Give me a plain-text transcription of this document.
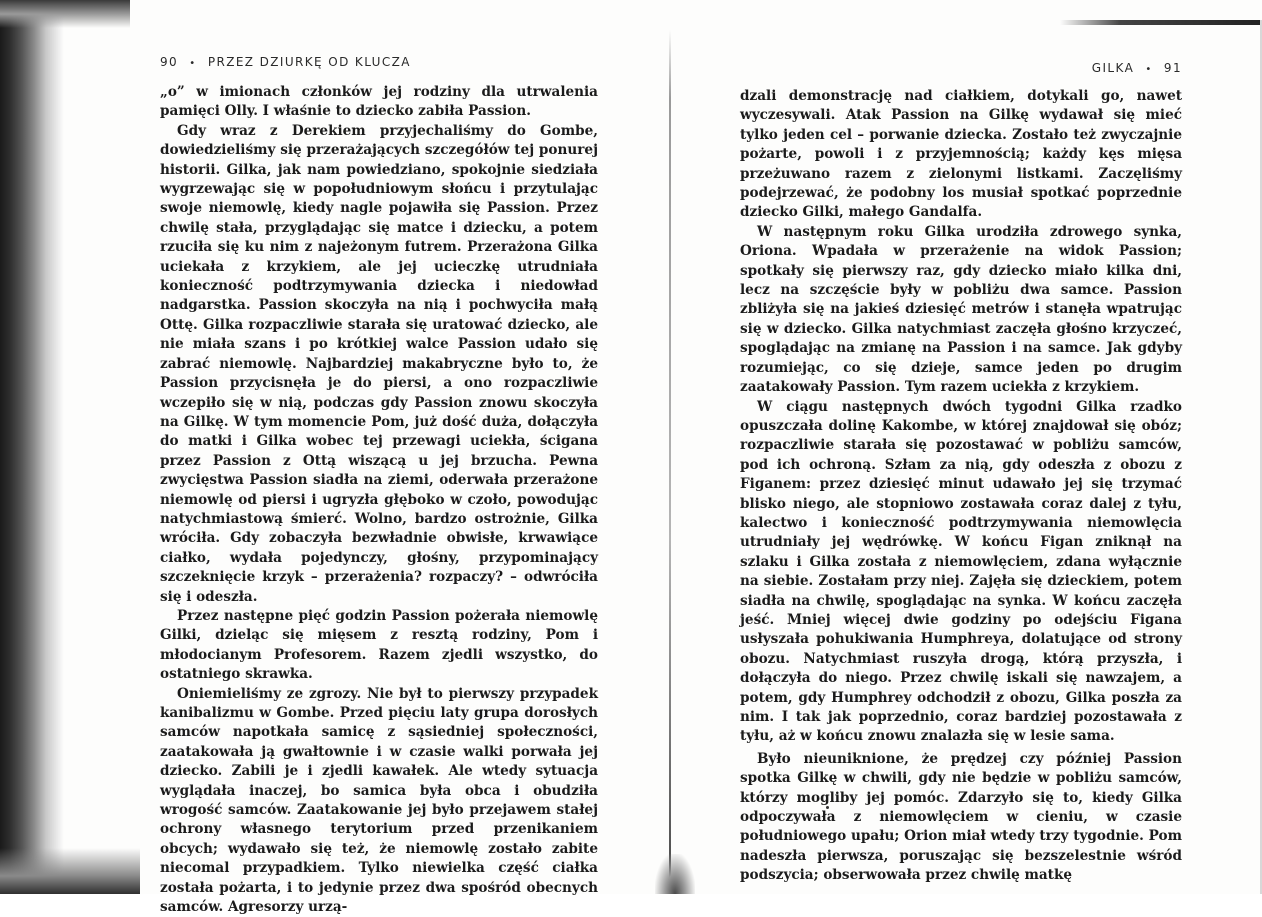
90 • PRZEZ DZIURKĘ OD KLUCZA

„o” w imionach członków jej rodziny dla utrwalenia pamięci Olly. I właśnie to dziecko zabiła Passion.

Gdy wraz z Derekiem przyjechaliśmy do Gombe, dowiedzieliśmy się przerażających szczegółów tej ponurej historii. Gilka, jak nam powiedziano, spokojnie siedziała wygrzewając się w popołudniowym słońcu i przytulając swoje niemowlę, kiedy nagle pojawiła się Passion. Przez chwilę stała, przyglądając się matce i dziecku, a potem rzuciła się ku nim z najeżonym futrem. Przerażona Gilka uciekała z krzykiem, ale jej ucieczkę utrudniała konieczność podtrzymywania dziecka i niedowład nadgarstka. Passion skoczyła na nią i pochwyciła małą Ottę. Gilka rozpaczliwie starała się uratować dziecko, ale nie miała szans i po krótkiej walce Passion udało się zabrać niemowlę. Najbardziej makabryczne było to, że Passion przycisnęła je do piersi, a ono rozpaczliwie wczepiło się w nią, podczas gdy Passion znowu skoczyła na Gilkę. W tym momencie Pom, już dość duża, dołączyła do matki i Gilka wobec tej przewagi uciekła, ścigana przez Passion z Ottą wiszącą u jej brzucha. Pewna zwycięstwa Passion siadła na ziemi, oderwała przerażone niemowlę od piersi i ugryzła głęboko w czoło, powodując natychmiastową śmierć. Wolno, bardzo ostrożnie, Gilka wróciła. Gdy zobaczyła bezwładnie obwisłe, krwawiące ciałko, wydała pojedynczy, głośny, przypominający szczeknięcie krzyk – przerażenia? rozpaczy? – odwróciła się i odeszła.

Przez następne pięć godzin Passion pożerała niemowlę Gilki, dzieląc się mięsem z resztą rodziny, Pom i młodocianym Profesorem. Razem zjedli wszystko, do ostatniego skrawka.

Oniemieliśmy ze zgrozy. Nie był to pierwszy przypadek kanibalizmu w Gombe. Przed pięciu laty grupa dorosłych samców napotkała samicę z sąsiedniej społeczności, zaatakowała ją gwałtownie i w czasie walki porwała jej dziecko. Zabili je i zjedli kawałek. Ale wtedy sytuacja wyglądała inaczej, bo samica była obca i obudziła wrogość samców. Zaatakowanie jej było przejawem stałej ochrony własnego terytorium przed przenikaniem obcych; wydawało się też, że niemowlę zostało zabite niecomal przypadkiem. Tylko niewielka część ciałka została pożarta, i to jedynie przez dwa spośród obecnych samców. Agresorzy urzą-

GILKA • 91

dzali demonstrację nad ciałkiem, dotykali go, nawet wyczesywali. Atak Passion na Gilkę wydawał się mieć tylko jeden cel – porwanie dziecka. Zostało też zwyczajnie pożarte, powoli i z przyjemnością; każdy kęs mięsa przeżuwano razem z zielonymi listkami. Zaczęliśmy podejrzewać, że podobny los musiał spotkać poprzednie dziecko Gilki, małego Gandalfa.

W następnym roku Gilka urodziła zdrowego synka, Oriona. Wpadała w przerażenie na widok Passion; spotkały się pierwszy raz, gdy dziecko miało kilka dni, lecz na szczęście były w pobliżu dwa samce. Passion zbliżyła się na jakieś dziesięć metrów i stanęła wpatrując się w dziecko. Gilka natychmiast zaczęła głośno krzyczeć, spoglądając na zmianę na Passion i na samce. Jak gdyby rozumiejąc, co się dzieje, samce jeden po drugim zaatakowały Passion. Tym razem uciekła z krzykiem.

W ciągu następnych dwóch tygodni Gilka rzadko opuszczała dolinę Kakombe, w której znajdował się obóz; rozpaczliwie starała się pozostawać w pobliżu samców, pod ich ochroną. Szłam za nią, gdy odeszła z obozu z Figanem: przez dziesięć minut udawało jej się trzymać blisko niego, ale stopniowo zostawała coraz dalej z tyłu, kalectwo i konieczność podtrzymywania niemowlęcia utrudniały jej wędrówkę. W końcu Figan zniknął na szlaku i Gilka została z niemowlęciem, zdana wyłącznie na siebie. Zostałam przy niej. Zajęła się dzieckiem, potem siadła na chwilę, spoglądając na synka. W końcu zaczęła jeść. Mniej więcej dwie godziny po odejściu Figana usłyszała pohukiwania Humphreya, dolatujące od strony obozu. Natychmiast ruszyła drogą, którą przyszła, i dołączyła do niego. Przez chwilę iskali się nawzajem, a potem, gdy Humphrey odchodził z obozu, Gilka poszła za nim. I tak jak poprzednio, coraz bardziej pozostawała z tyłu, aż w końcu znowu znalazła się w lesie sama.

Było nieuniknione, że prędzej czy później Passion spotka Gilkę w chwili, gdy nie będzie w pobliżu samców, którzy mogliby jej pomóc. Zdarzyło się to, kiedy Gilka odpoczywała z niemowlęciem w cieniu, w czasie południowego upału; Orion miał wtedy trzy tygodnie. Pom nadeszła pierwsza, poruszając się bezszelestnie wśród podszycia; obserwowała przez chwilę matkę
